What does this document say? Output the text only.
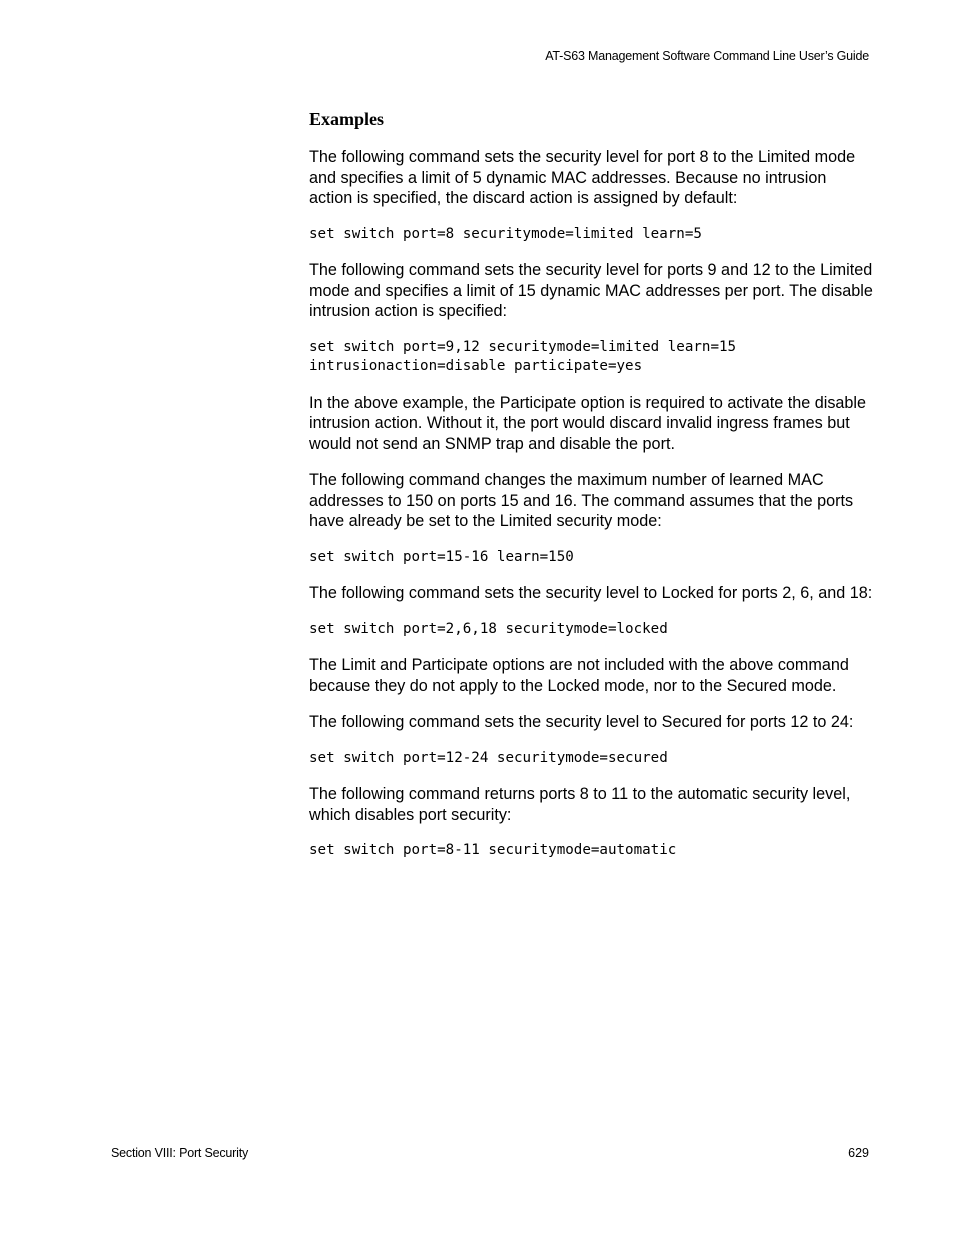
AT-S63 Management Software Command Line User’s Guide
Examples
The following command sets the security level for port 8 to the Limited mode and specifies a limit of 5 dynamic MAC addresses. Because no intrusion action is specified, the discard action is assigned by default:
set switch port=8 securitymode=limited learn=5
The following command sets the security level for ports 9 and 12 to the Limited mode and specifies a limit of 15 dynamic MAC addresses per port. The disable intrusion action is specified:
set switch port=9,12 securitymode=limited learn=15
intrusionaction=disable participate=yes
In the above example, the Participate option is required to activate the disable intrusion action. Without it, the port would discard invalid ingress frames but would not send an SNMP trap and disable the port.
The following command changes the maximum number of learned MAC addresses to 150 on ports 15 and 16. The command assumes that the ports have already be set to the Limited security mode:
set switch port=15-16 learn=150
The following command sets the security level to Locked for ports 2, 6, and 18:
set switch port=2,6,18 securitymode=locked
The Limit and Participate options are not included with the above command because they do not apply to the Locked mode, nor to the Secured mode.
The following command sets the security level to Secured for ports 12 to 24:
set switch port=12-24 securitymode=secured
The following command returns ports 8 to 11 to the automatic security level, which disables port security:
set switch port=8-11 securitymode=automatic
Section VIII: Port Security	629
